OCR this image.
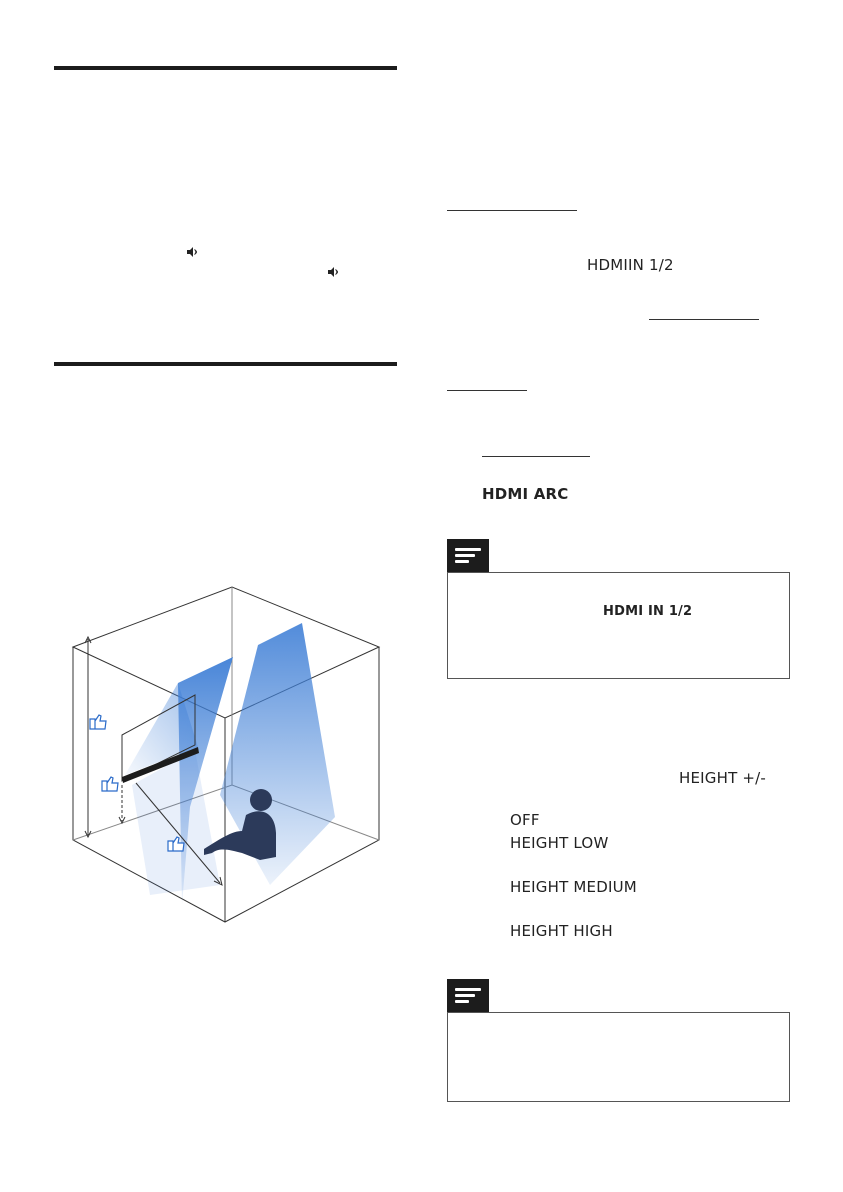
HDMIIN 1/2
HDMI ARC
HDMI IN 1/2
HEIGHT +/-
OFF
HEIGHT LOW
HEIGHT MEDIUM
HEIGHT HIGH
